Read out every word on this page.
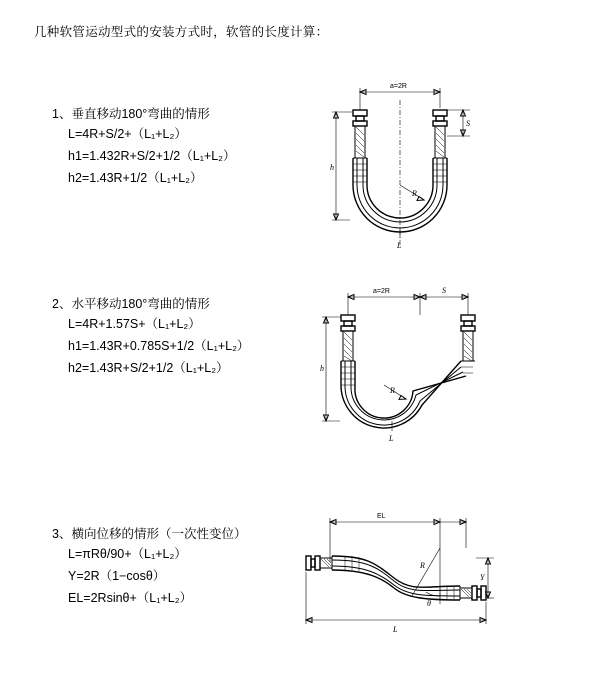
几种软管运动型式的安装方式时，软管的长度计算：
1、垂直移动180°弯曲的情形
L=4R+S/2+（L₁+L₂）
h1=1.432R+S/2+1/2（L₁+L₂）
h2=1.43R+1/2（L₁+L₂）
a=2R
R
h
S
L
2、水平移动180°弯曲的情形
L=4R+1.57S+（L₁+L₂）
h1=1.43R+0.785S+1/2（L₁+L₂）
h2=1.43R+S/2+1/2（L₁+L₂）
a=2R	S
R
h
L
3、横向位移的情形（一次性变位）
L=πRθ/90+（L₁+L₂）
Y=2R（1−cosθ）
EL=2Rsinθ+（L₁+L₂）
EL
Y
R
θ
L
